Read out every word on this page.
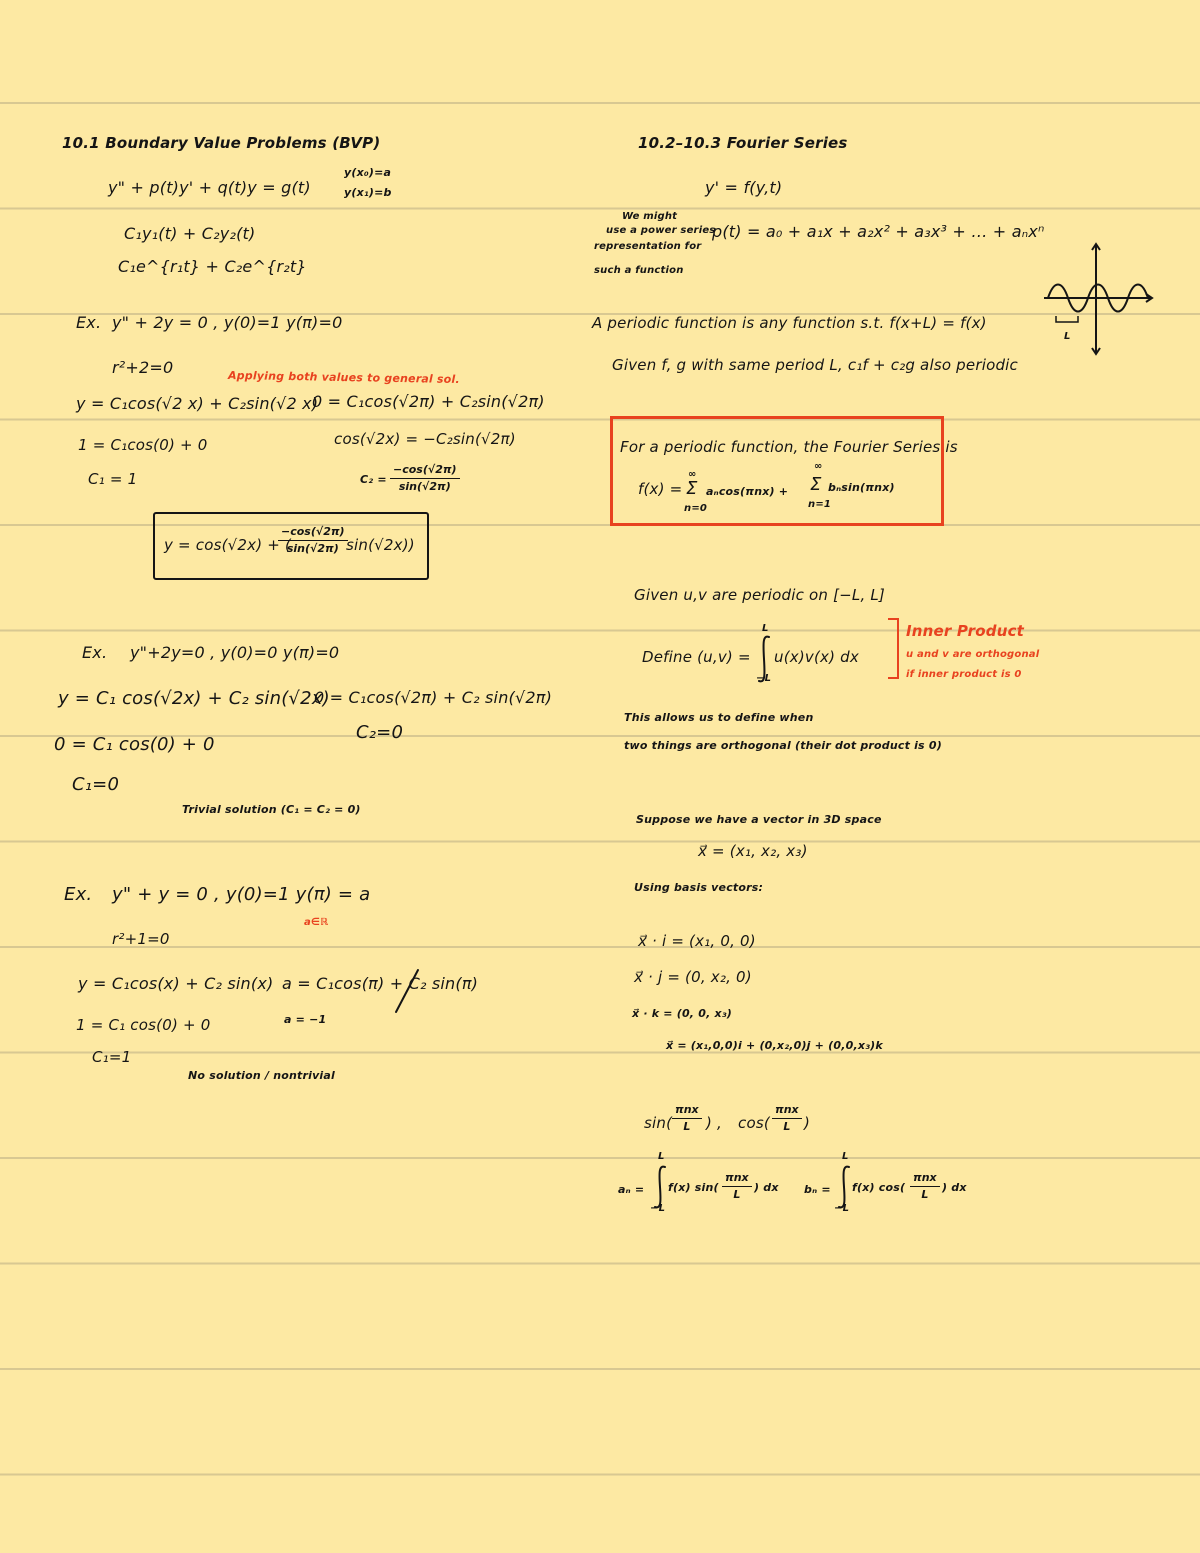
10.1 Boundary Value Problems (BVP)
y" + p(t)y' + q(t)y = g(t)
y(x₀)=a
y(x₁)=b
C₁y₁(t) + C₂y₂(t)
C₁e^{r₁t} + C₂e^{r₂t}
Ex. y" + 2y = 0 , y(0)=1 y(π)=0
r²+2=0
Applying both values to general sol.
y = C₁cos(√2 x) + C₂sin(√2 x)
0 = C₁cos(√2π) + C₂sin(√2π)
1 = C₁cos(0) + 0
C₁ = 1
cos(√2x) = −C₂sin(√2π)
$C_2 = \frac{-\cos(√2\pi)}{\sin(√2\pi)}$
y = cos(√2x) + (
$\frac{-\cos(√2\pi)}{\sin(√2\pi)}$
sin(√2x))
Ex. y"+2y=0 , y(0)=0 y(π)=0
y = C₁ cos(√2x) + C₂ sin(√2x)
0 = C₁cos(√2π) + C₂ sin(√2π)
0 = C₁ cos(0) + 0
C₂=0
C₁=0
Trivial solution (C₁ = C₂ = 0)
Ex. y" + y = 0 , y(0)=1 y(π) = a
a∈ℝ
r²+1=0
y = C₁cos(x) + C₂ sin(x) a = C₁cos(π) + C₂ sin(π)
1 = C₁ cos(0) + 0	a = −1
C₁=1
No solution / nontrivial
10.2–10.3 Fourier Series
y' = f(y,t)
We might
use a power series
representation for
such a function
p(t) = a₀ + a₁x + a₂x² + a₃x³ + … + aₙxⁿ
L
A periodic function is any function s.t. f(x+L) = f(x)
Given f, g with same period L, c₁f + c₂g also periodic
For a periodic function, the Fourier Series is
f(x) =
∞
Σ
n=0
aₙcos(πnx) +
∞
Σ
n=1
bₙsin(πnx)
Given u,v are periodic on [−L, L]
Define (u,v) =
L
−L
u(x)v(x) dx
Inner Product
u and v are orthogonal
if inner product is 0
This allows us to define when
two things are orthogonal (their dot product is 0)
Suppose we have a vector in 3D space
x⃗ = (x₁, x₂, x₃)
Using basis vectors:
x⃗ · i = (x₁, 0, 0)
x⃗ · j = (0, x₂, 0)
x⃗ · k = (0, 0, x₃)
x⃗ = (x₁,0,0)i + (0,x₂,0)j + (0,0,x₃)k
sin(
πnx
L ) , cos(
πnx
L )
aₙ =
L
−L
f(x) sin(
πnx
L
) dx bₙ =
L
−L
f(x) cos(
πnx
L
) dx
